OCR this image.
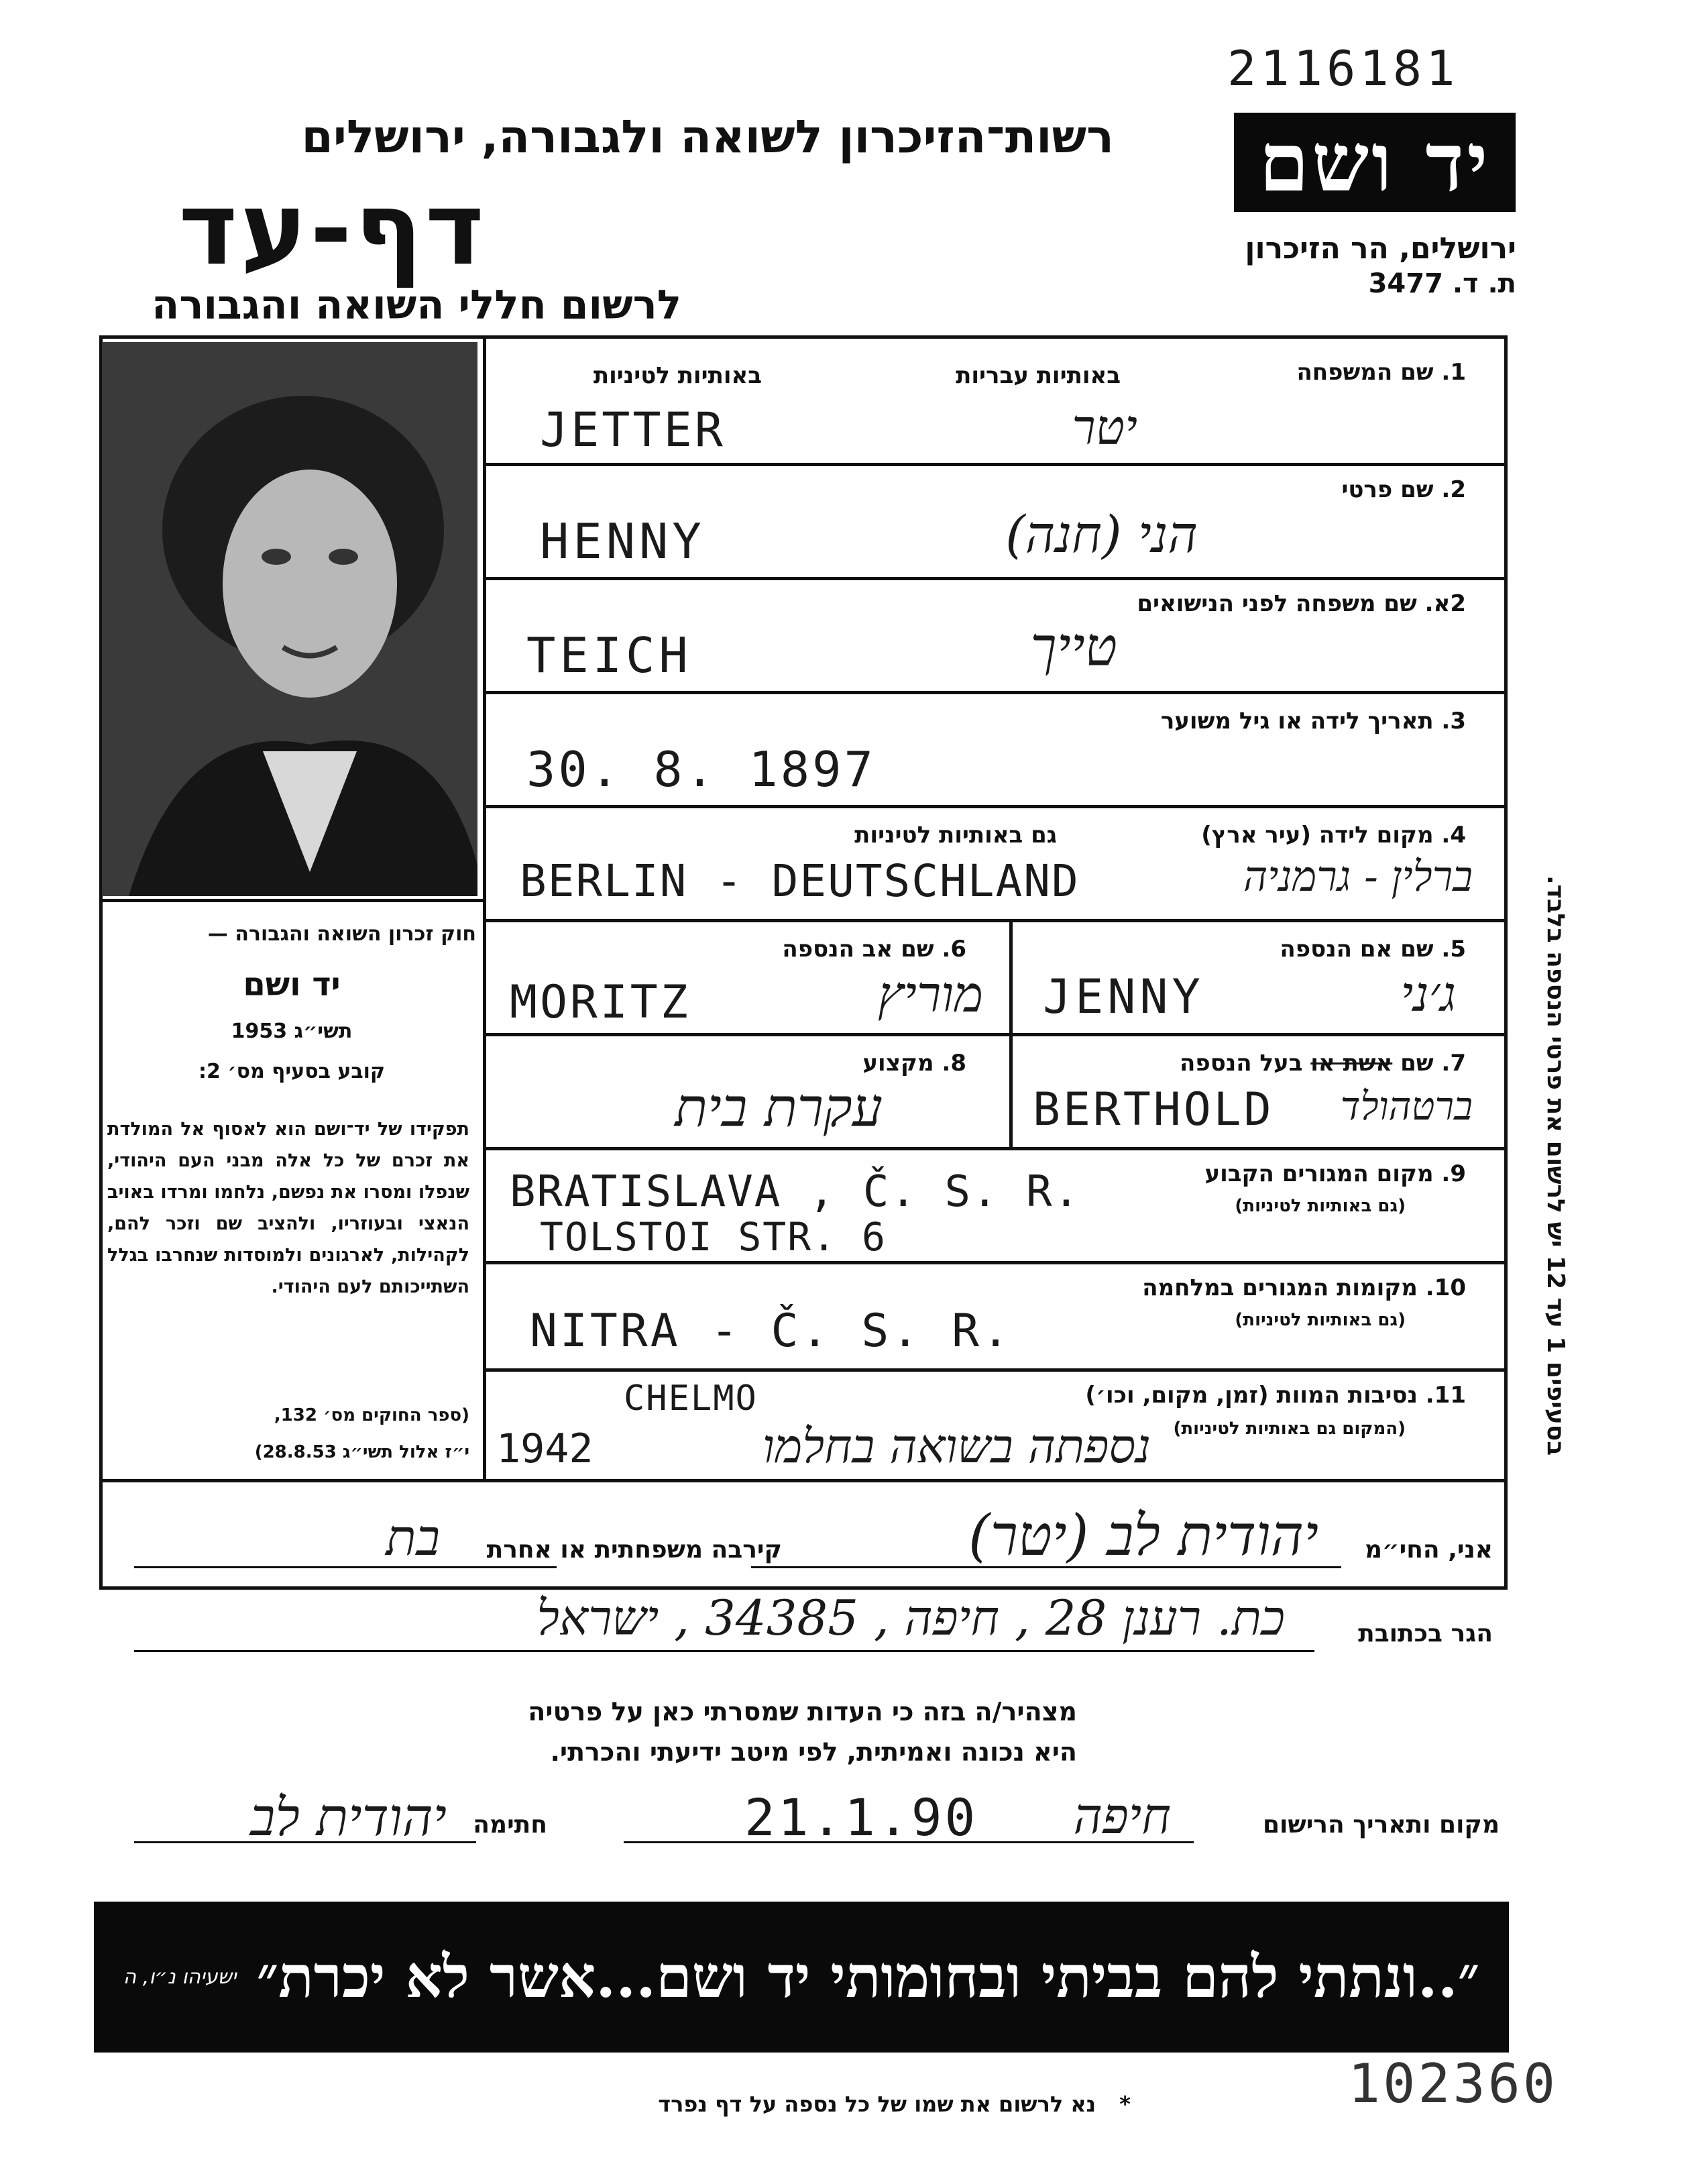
2116181
רשות־הזיכרון לשואה ולגבורה, ירושלים
דף-עד
לרשום חללי השואה והגבורה
יד ושם
ירושלים, הר הזיכרון
ת. ד. 3477
חוק זכרון השואה והגבורה —
יד ושם
תשי״ג 1953
קובע בסעיף מס׳ 2:
תפקידו של יד־ושם הוא לאסוף אל המולדת את זכרם של כל אלה מבני העם היהודי, שנפלו ומסרו את נפשם, נלחמו ומרדו באויב הנאצי ובעוזריו, ולהציב שם וזכר להם, לקהילות, לארגונים ולמוסדות שנחרבו בגלל השתייכותם לעם היהודי.
(ספר החוקים מס׳ 132,
י״ז אלול תשי״ג 28.8.53)
1. שם המשפחה
באותיות עבריות
באותיות לטיניות
JETTER	יטר
2. שם פרטי
HENNY	הני (חנה)
2א. שם משפחה לפני הנישואים
TEICH	טייך
3. תאריך לידה או גיל משוער
30. 8. 1897
4. מקום לידה (עיר ארץ)
גם באותיות לטיניות
BERLIN - DEUTSCHLAND	ברלין - גרמניה
5. שם אם הנספה
JENNY	ג׳ני
6. שם אב הנספה
MORITZ	מוריץ
7. שם אשת או בעל הנספה
BERTHOLD ברטהולד
8. מקצוע
עקרת בית
9. מקום המגורים הקבוע
(גם באותיות לטיניות)
BRATISLAVA , Č. S. R.
TOLSTOI STR. 6
10. מקומות המגורים במלחמה
(גם באותיות לטיניות)
NITRA - Č. S. R.
11. נסיבות המוות (זמן, מקום, וכו׳)
(המקום גם באותיות לטיניות)
1942
CHELMO
נספתה בשואה בחלמו
בסעיפים 1 עד 12 יש לרשום את פרטי הנספה בלבד.
אני, החי״מ
יהודית לב (יטר)
קירבה משפחתית או אחרת
בת
הגר בכתובת
כת. רענן 28 , חיפה , 34385 , ישראל
מצהיר/ה בזה כי העדות שמסרתי כאן על פרטיה
היא נכונה ואמיתית, לפי מיטב ידיעתי והכרתי.
מקום ותאריך הרישום
חיפה
21.1.90
חתימה
יהודית לב
״..ונתתי להם בביתי ובחומותי יד ושם...אשר לא יכרת״
ישעיהו נ״ו, ה
102360
* נא לרשום את שמו של כל נספה על דף נפרד
